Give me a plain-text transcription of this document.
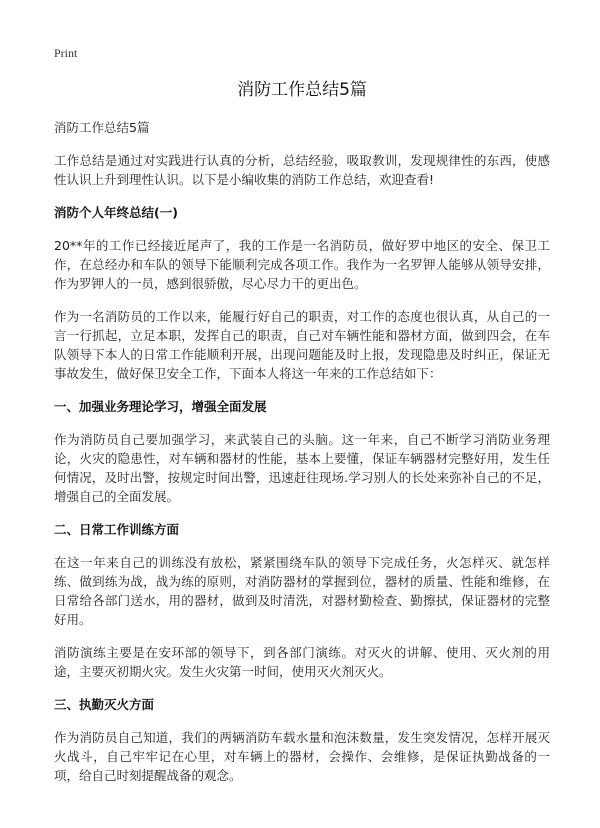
Print
消防工作总结5篇
消防工作总结5篇

工作总结是通过对实践进行认真的分析，总结经验，吸取教训，发现规律性的东西，使感性认识上升到理性认识。以下是小编收集的消防工作总结，欢迎查看!

消防个人年终总结(一)

20**年的工作已经接近尾声了，我的工作是一名消防员，做好罗中地区的安全、保卫工作，在总经办和车队的领导下能顺利完成各项工作。我作为一名罗钾人能够从领导安排，作为罗钾人的一员，感到很骄傲，尽心尽力干的更出色。

作为一名消防员的工作以来，能履行好自己的职责，对工作的态度也很认真，从自己的一言一行抓起，立足本职，发挥自己的职责，自己对车辆性能和器材方面，做到四会，在车队领导下本人的日常工作能顺利开展，出现问题能及时上报，发现隐患及时纠正，保证无事故发生，做好保卫安全工作，下面本人将这一年来的工作总结如下：

一、加强业务理论学习，增强全面发展

作为消防员自己要加强学习，来武装自己的头脑。这一年来，自己不断学习消防业务理论，火灾的隐患性，对车辆和器材的性能，基本上要懂，保证车辆器材完整好用，发生任何情况，及时出警，按规定时间出警，迅速赶往现场.学习别人的长处来弥补自己的不足，增强自己的全面发展。

二、日常工作训练方面

在这一年来自己的训练没有放松，紧紧围绕车队的领导下完成任务，火怎样灭、就怎样练、做到练为战，战为练的原则，对消防器材的掌握到位，器材的质量、性能和维修，在日常给各部门送水，用的器材，做到及时清洗，对器材勤检查、勤擦拭，保证器材的完整好用。

消防演练主要是在安环部的领导下，到各部门演练。对灭火的讲解、使用、灭火剂的用途，主要灭初期火灾。发生火灾第一时间，使用灭火剂灭火。

三、执勤灭火方面

作为消防员自己知道，我们的两辆消防车载水量和泡沫数量，发生突发情况，怎样开展灭火战斗，自己牢牢记在心里，对车辆上的器材，会操作、会维修，是保证执勤战备的一项，给自己时刻提醒战备的观念。
